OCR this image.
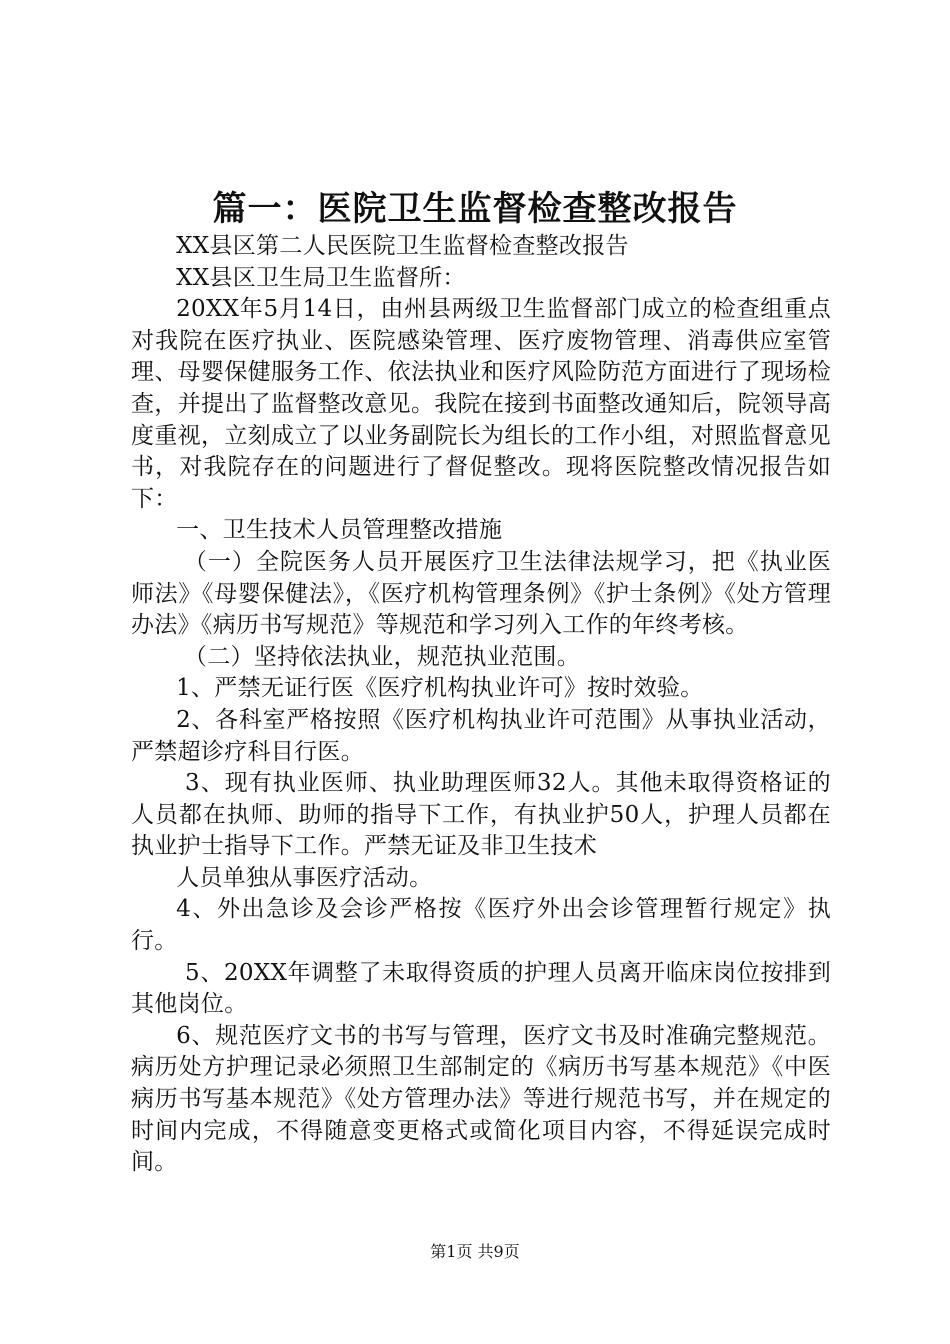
篇一：医院卫生监督检查整改报告

XX县区第二人民医院卫生监督检查整改报告

XX县区卫生局卫生监督所：

20XX年5月14日，由州县两级卫生监督部门成立的检查组重点对我院在医疗执业、医院感染管理、医疗废物管理、消毒供应室管理、母婴保健服务工作、依法执业和医疗风险防范方面进行了现场检查，并提出了监督整改意见。我院在接到书面整改通知后，院领导高度重视，立刻成立了以业务副院长为组长的工作小组，对照监督意见书，对我院存在的问题进行了督促整改。现将医院整改情况报告如下：

一、卫生技术人员管理整改措施

（一）全院医务人员开展医疗卫生法律法规学习，把《执业医师法》《母婴保健法》，《医疗机构管理条例》《护士条例》《处方管理办法》《病历书写规范》等规范和学习列入工作的年终考核。

（二）坚持依法执业，规范执业范围。

1、严禁无证行医《医疗机构执业许可》按时效验。

2、各科室严格按照《医疗机构执业许可范围》从事执业活动，严禁超诊疗科目行医。

3、现有执业医师、执业助理医师32人。其他未取得资格证的人员都在执师、助师的指导下工作，有执业护50人，护理人员都在执业护士指导下工作。严禁无证及非卫生技术

人员单独从事医疗活动。

4、外出急诊及会诊严格按《医疗外出会诊管理暂行规定》执行。

5、20XX年调整了未取得资质的护理人员离开临床岗位按排到其他岗位。

6、规范医疗文书的书写与管理，医疗文书及时准确完整规范。病历处方护理记录必须照卫生部制定的《病历书写基本规范》《中医病历书写基本规范》《处方管理办法》等进行规范书写，并在规定的时间内完成，不得随意变更格式或简化项目内容，不得延误完成时间。

第1页 共9页
